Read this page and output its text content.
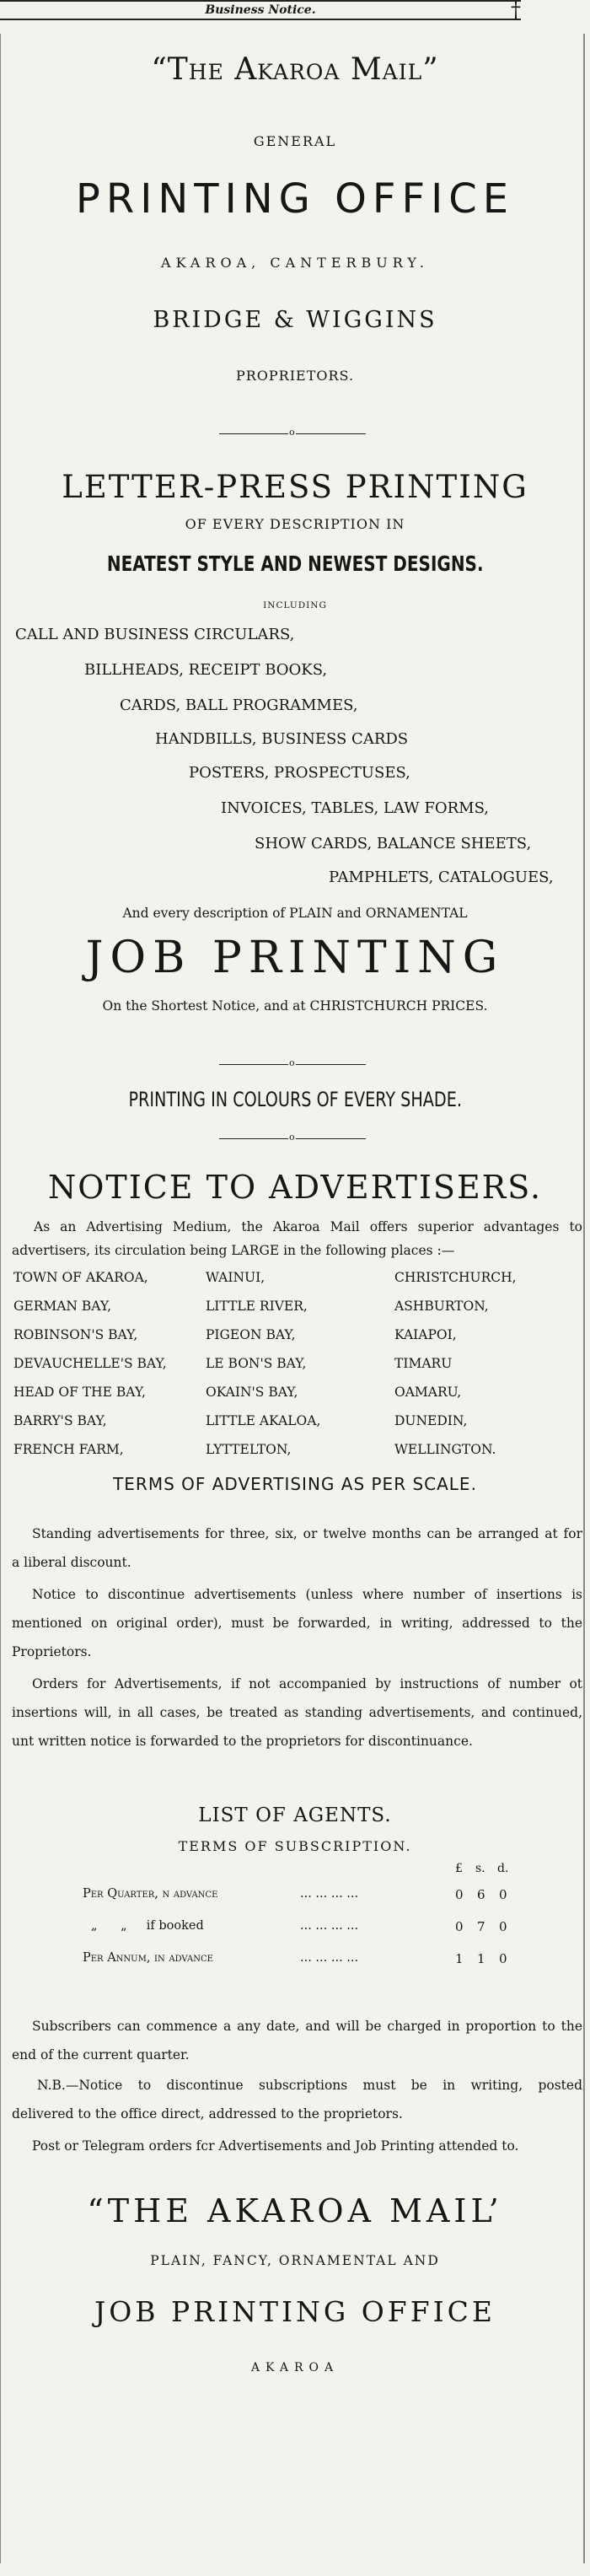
Business Notice.	†
“The Akaroa Mail”
GENERAL
PRINTING OFFICE
AKAROA, CANTERBURY.
BRIDGE & WIGGINS
PROPRIETORS.
o
LETTER-PRESS PRINTING
OF EVERY DESCRIPTION IN
NEATEST STYLE AND NEWEST DESIGNS.
INCLUDING
CALL AND BUSINESS CIRCULARS,
BILLHEADS, RECEIPT BOOKS,
CARDS, BALL PROGRAMMES,
HANDBILLS, BUSINESS CARDS
POSTERS, PROSPECTUSES,
INVOICES, TABLES, LAW FORMS,
SHOW CARDS, BALANCE SHEETS,
PAMPHLETS, CATALOGUES,
And every description of PLAIN and ORNAMENTAL
JOB PRINTING
On the Shortest Notice, and at CHRISTCHURCH PRICES.
o
PRINTING IN COLOURS OF EVERY SHADE.
o
NOTICE TO ADVERTISERS.
As an Advertising Medium, the Akaroa Mail offers superior advantages to
advertisers, its circulation being LARGE in the following places :—
TOWN OF AKAROA,	WAINUI,	CHRISTCHURCH,
GERMAN BAY,	LITTLE RIVER,	ASHBURTON,
ROBINSON'S BAY,	PIGEON BAY,	KAIAPOI,
DEVAUCHELLE'S BAY,	LE BON'S BAY,	TIMARU
HEAD OF THE BAY,	OKAIN'S BAY,	OAMARU,
BARRY'S BAY,	LITTLE AKALOA,	DUNEDIN,
FRENCH FARM,	LYTTELTON,	WELLINGTON.
TERMS OF ADVERTISING AS PER SCALE.
Standing advertisements for three, six, or twelve months can be arranged at for
a liberal discount.
Notice to discontinue advertisements (unless where number of insertions is
mentioned on original order), must be forwarded, in writing, addressed to the
Proprietors.
Orders for Advertisements, if not accompanied by instructions of number ot
insertions will, in all cases, be treated as standing advertisements, and continued,
unt written notice is forwarded to the proprietors for discontinuance.
LIST OF AGENTS.
TERMS OF SUBSCRIPTION.
£ s. d.
Per Quarter, n advance	... ... ... ...	0 6 0
„      „     if booked	... ... ... ...	0 7 0
Per Annum, in advance	... ... ... ...	1 1 0
Subscribers can commence a any date, and will be charged in proportion to the
end of the current quarter.
N.B.—Notice to discontinue subscriptions must be in writing, posted
delivered to the office direct, addressed to the proprietors.
Post or Telegram orders fcr Advertisements and Job Printing attended to.
“THE AKAROA MAIL’
PLAIN, FANCY, ORNAMENTAL AND
JOB PRINTING OFFICE
AKAROA
